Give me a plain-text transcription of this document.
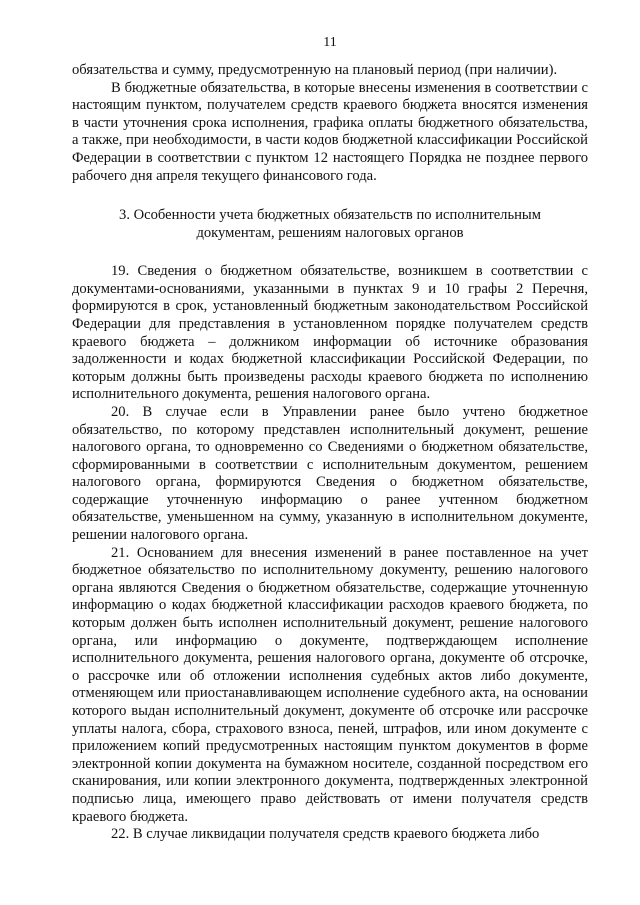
11

обязательства и сумму, предусмотренную на плановый период (при наличии).

В бюджетные обязательства, в которые внесены изменения в соответствии с настоящим пунктом, получателем средств краевого бюджета вносятся изменения в части уточнения срока исполнения, графика оплаты бюджетного обязательства, а также, при необходимости, в части кодов бюджетной классификации Российской Федерации в соответствии с пунктом 12 настоящего Порядка не позднее первого рабочего дня апреля текущего финансового года.

3. Особенности учета бюджетных обязательств по исполнительным
документам, решениям налоговых органов

19. Сведения о бюджетном обязательстве, возникшем в соответствии с документами-основаниями, указанными в пунктах 9 и 10 графы 2 Перечня, формируются в срок, установленный бюджетным законодательством Российской Федерации для представления в установленном порядке получателем средств краевого бюджета – должником информации об источнике образования задолженности и кодах бюджетной классификации Российской Федерации, по которым должны быть произведены расходы краевого бюджета по исполнению исполнительного документа, решения налогового органа.

20. В случае если в Управлении ранее было учтено бюджетное обязательство, по которому представлен исполнительный документ, решение налогового органа, то одновременно со Сведениями о бюджетном обязательстве, сформированными в соответствии с исполнительным документом, решением налогового органа, формируются Сведения о бюджетном обязательстве, содержащие уточненную информацию о ранее учтенном бюджетном обязательстве, уменьшенном на сумму, указанную в исполнительном документе, решении налогового органа.

21. Основанием для внесения изменений в ранее поставленное на учет бюджетное обязательство по исполнительному документу, решению налогового органа являются Сведения о бюджетном обязательстве, содержащие уточненную информацию о кодах бюджетной классификации расходов краевого бюджета, по которым должен быть исполнен исполнительный документ, решение налогового органа, или информацию о документе, подтверждающем исполнение исполнительного документа, решения налогового органа, документе об отсрочке, о рассрочке или об отложении исполнения судебных актов либо документе, отменяющем или приостанавливающем исполнение судебного акта, на основании которого выдан исполнительный документ, документе об отсрочке или рассрочке уплаты налога, сбора, страхового взноса, пеней, штрафов, или ином документе с приложением копий предусмотренных настоящим пунктом документов в форме электронной копии документа на бумажном носителе, созданной посредством его сканирования, или копии электронного документа, подтвержденных электронной подписью лица, имеющего право действовать от имени получателя средств краевого бюджета.

22. В случае ликвидации получателя средств краевого бюджета либо
